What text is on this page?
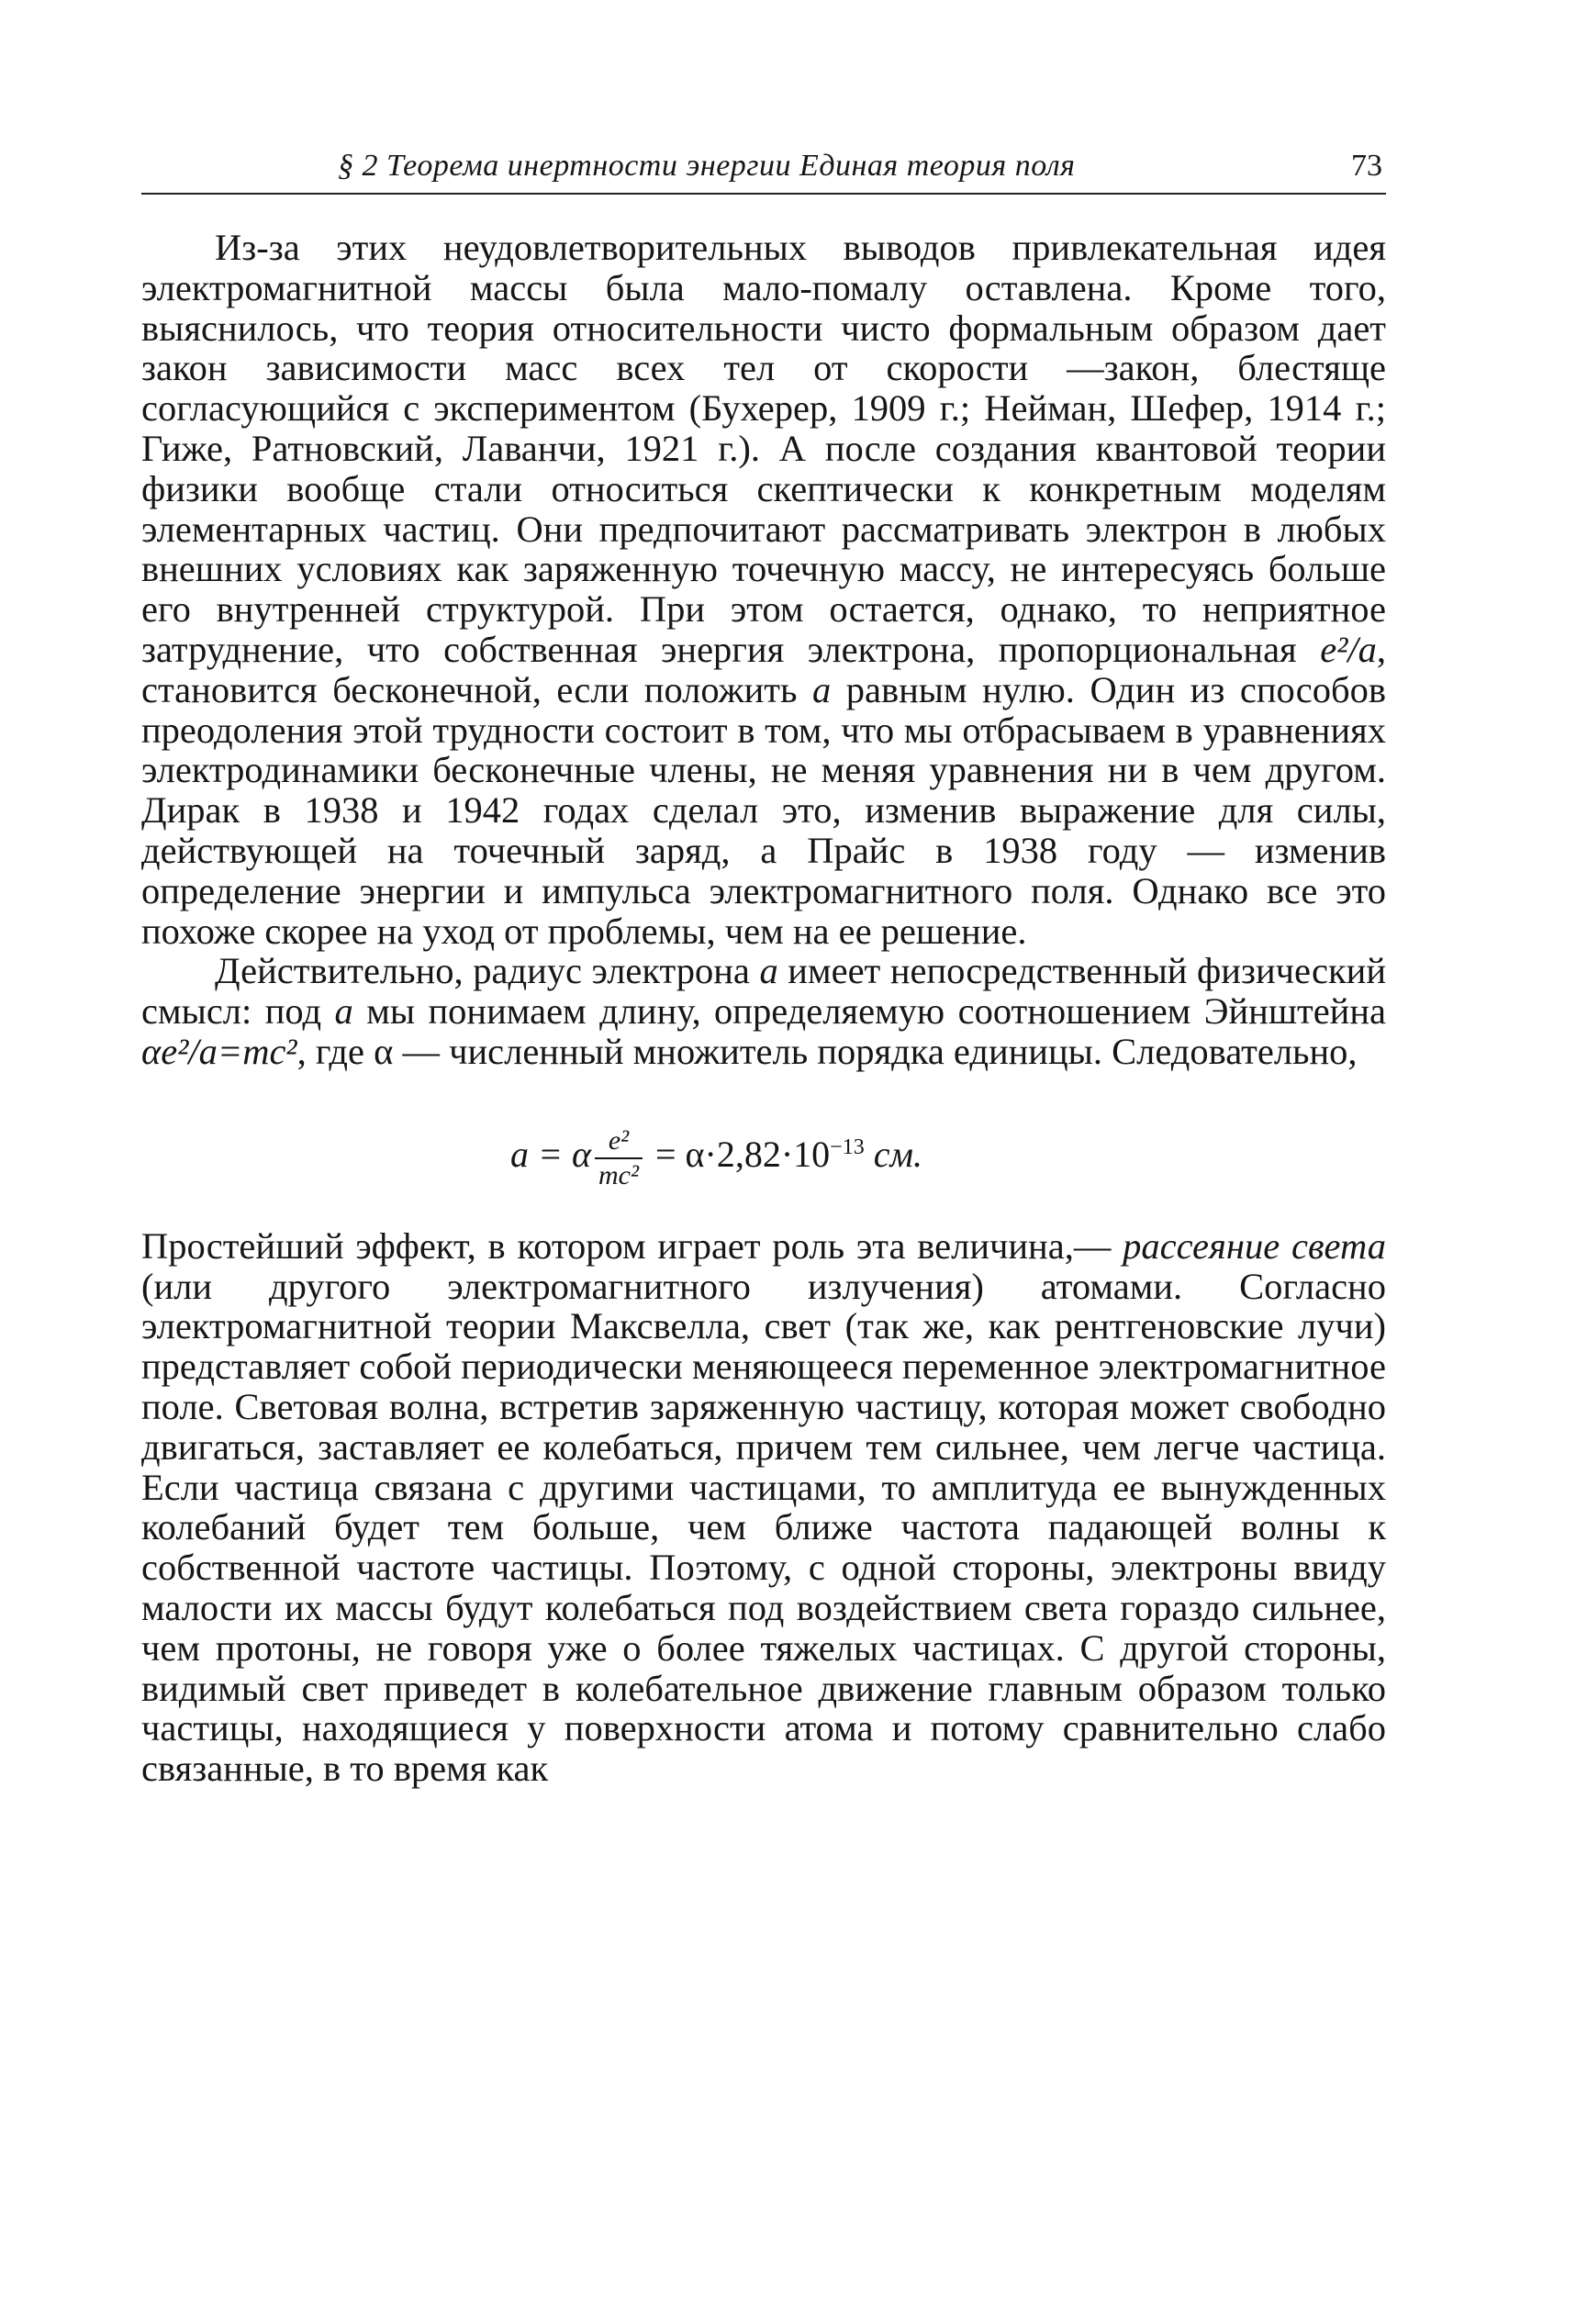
§ 2 Теорема инертности энергии Единая теория поля	73

Из-за этих неудовлетворительных выводов привлекательная идея электромагнитной массы была мало-помалу оставлена. Кроме того, выяснилось, что теория относительности чисто формальным образом дает закон зависимости масс всех тел от скорости —закон, блестяще согласующийся с экспериментом (Бухерер, 1909 г.; Нейман, Шефер, 1914 г.; Гиже, Ратновский, Лаванчи, 1921 г.). А после создания квантовой теории физики вообще стали относиться скептически к конкретным моделям элементарных частиц. Они предпочитают рассматривать электрон в любых внешних условиях как заряженную точечную массу, не интересуясь больше его внутренней структурой. При этом остается, однако, то неприятное затруднение, что собственная энергия электрона, пропорциональная e²/a, становится бесконечной, если положить a равным нулю. Один из способов преодоления этой трудности состоит в том, что мы отбрасываем в уравнениях электродинамики бесконечные члены, не меняя уравнения ни в чем другом. Дирак в 1938 и 1942 годах сделал это, изменив выражение для силы, действующей на точечный заряд, а Прайс в 1938 году — изменив определение энергии и импульса электромагнитного поля. Однако все это похоже скорее на уход от проблемы, чем на ее решение.

Действительно, радиус электрона a имеет непосредственный физический смысл: под a мы понимаем длину, определяемую соотношением Эйнштейна αe²/a=mc², где α — численный множитель порядка единицы. Следовательно,

a = α $\frac{\text{e²}}{\text{mc²}} = \alpha\cdot 2,82\cdot 10^{-13}$ см.

Простейший эффект, в котором играет роль эта величина,— рассеяние света (или другого электромагнитного излучения) атомами. Согласно электромагнитной теории Максвелла, свет (так же, как рентгеновские лучи) представляет собой периодически меняющееся переменное электромагнитное поле. Световая волна, встретив заряженную частицу, которая может свободно двигаться, заставляет ее колебаться, причем тем сильнее, чем легче частица. Если частица связана с другими частицами, то амплитуда ее вынужденных колебаний будет тем больше, чем ближе частота падающей волны к собственной частоте частицы. Поэтому, с одной стороны, электроны ввиду малости их массы будут колебаться под воздействием света гораздо сильнее, чем протоны, не говоря уже о более тяжелых частицах. С другой стороны, видимый свет приведет в колебательное движение главным образом только частицы, находящиеся у поверхности атома и потому сравнительно слабо связанные, в то время как
